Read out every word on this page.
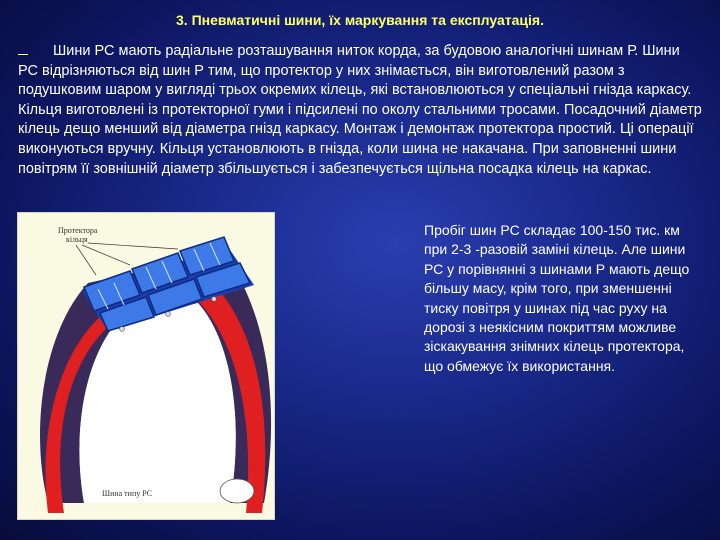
3. Пневматичні шини, їх маркування та експлуатація.
Шини РС мають радіальне розташування ниток корда, за будовою аналогічні шинам Р. Шини РС відрізняються від шин Р тим, що протектор у них знімається, він виготовлений разом з подушковим шаром у вигляді трьох окремих кілець, які встановлюються у спеціальні гнізда каркасу. Кільця виготовлені із протекторної гуми і підсилені по околу стальними тросами. Посадочний діаметр кілець дещо менший від діаметра гнізд каркасу. Монтаж і демонтаж протектора простий. Ці операції виконуються вручну. Кільця установлюють в гнізда, коли шина не накачана. При заповненні шини повітрям її зовнішній діаметр збільшується і забезпечується щільна посадка кілець на каркас.
Протектора
кільця
Шина типу РС
Пробіг шин РС складає 100-150 тис. км при 2-3 -разовій заміні кілець. Але шини РС у порівнянні з шинами Р мають дещо більшу масу, крім того, при зменшенні тиску повітря у шинах під час руху на дорозі з неякісним покриттям можливе зіскакування знімних кілець протектора, що обмежує їх використання.
